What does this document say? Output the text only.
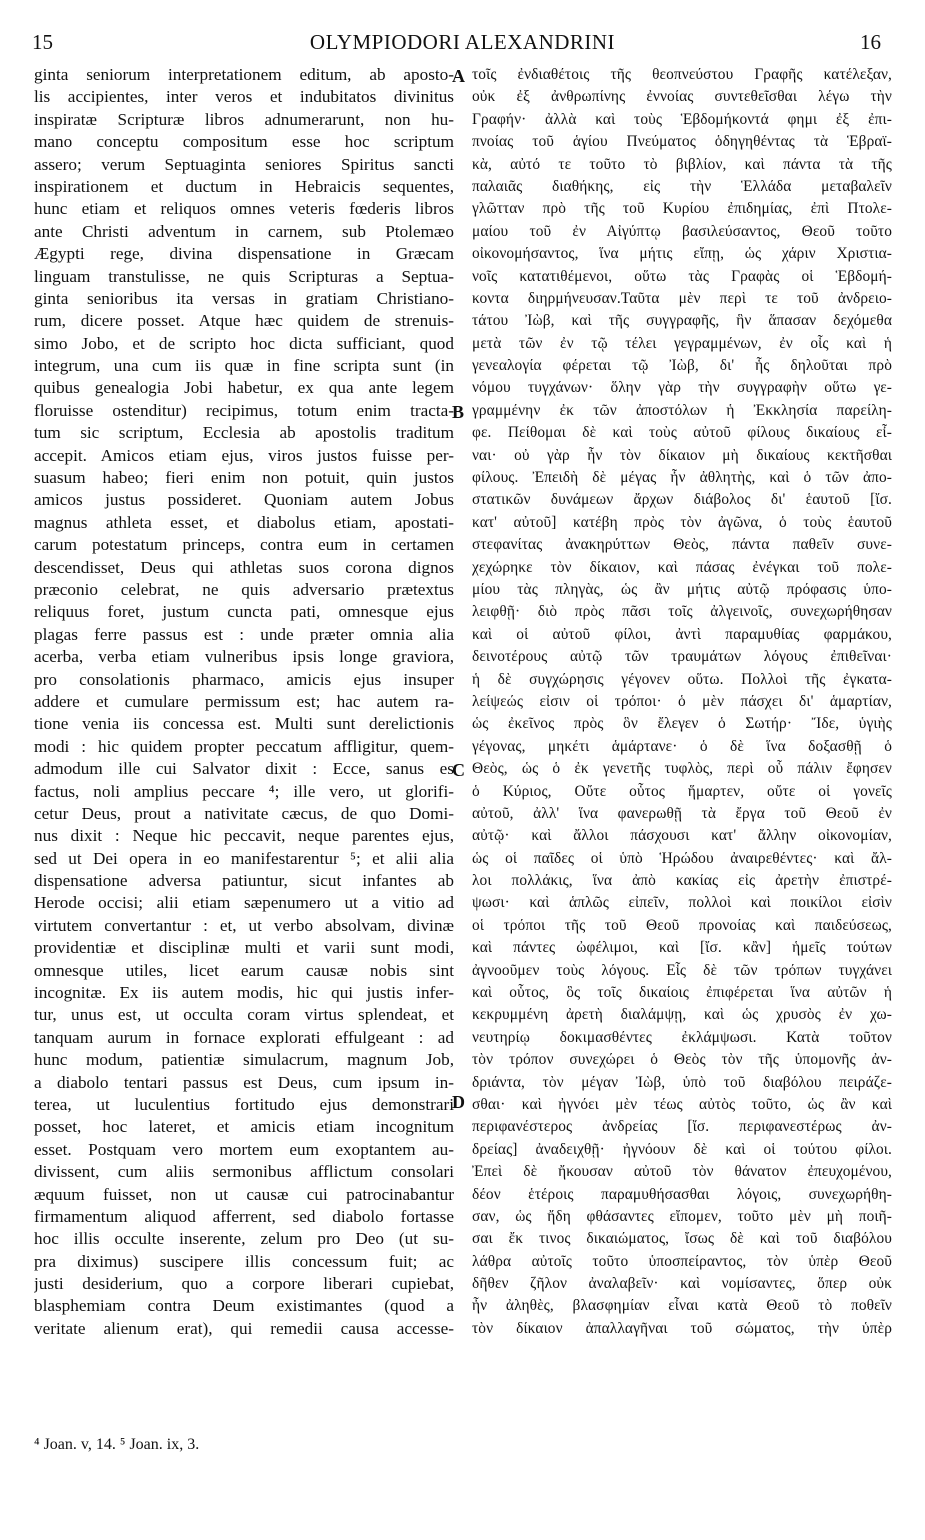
15	OLYMPIODORI ALEXANDRINI	16
ginta seniorum interpretationem editum, ab aposto-
lis accipientes, inter veros et indubitatos divinitus
inspiratæ Scripturæ libros adnumerarunt, non hu-
mano conceptu compositum esse hoc scriptum
assero; verum Septuaginta seniores Spiritus sancti
inspirationem et ductum in Hebraicis sequentes,
hunc etiam et reliquos omnes veteris fœderis libros
ante Christi adventum in carnem, sub Ptolemæo
Ægypti rege, divina dispensatione in Græcam
linguam transtulisse, ne quis Scripturas a Septua-
ginta senioribus ita versas in gratiam Christiano-
rum, dicere posset. Atque hæc quidem de strenuis-
simo Jobo, et de scripto hoc dicta sufficiant, quod
integrum, una cum iis quæ in fine scripta sunt (in
quibus genealogia Jobi habetur, ex qua ante legem
floruisse ostenditur) recipimus, totum enim tracta-
tum sic scriptum, Ecclesia ab apostolis traditum
accepit. Amicos etiam ejus, viros justos fuisse per-
suasum habeo; fieri enim non potuit, quin justos
amicos justus possideret. Quoniam autem Jobus
magnus athleta esset, et diabolus etiam, apostati-
carum potestatum princeps, contra eum in certamen
descendisset, Deus qui athletas suos corona dignos
præconio celebrat, ne quis adversario prætextus
reliquus foret, justum cuncta pati, omnesque ejus
plagas ferre passus est : unde præter omnia alia
acerba, verba etiam vulneribus ipsis longe graviora,
pro consolationis pharmaco, amicis ejus insuper
addere et cumulare permissum est; hac autem ra-
tione venia iis concessa est. Multi sunt derelictionis
modi : hic quidem propter peccatum affligitur, quem-
admodum ille cui Salvator dixit : Ecce, sanus es
factus, noli amplius peccare ⁴; ille vero, ut glorifi-
cetur Deus, prout a nativitate cæcus, de quo Domi-
nus dixit : Neque hic peccavit, neque parentes ejus,
sed ut Dei opera in eo manifestarentur ⁵; et alii alia
dispensatione adversa patiuntur, sicut infantes ab
Herode occisi; alii etiam sæpenumero ut a vitio ad
virtutem convertantur : et, ut verbo absolvam, divinæ
providentiæ et disciplinæ multi et varii sunt modi,
omnesque utiles, licet earum causæ nobis sint
incognitæ. Ex iis autem modis, hic qui justis infer-
tur, unus est, ut occulta coram virtus splendeat, et
tanquam aurum in fornace explorati effulgeant : ad
hunc modum, patientiæ simulacrum, magnum Job,
a diabolo tentari passus est Deus, cum ipsum in-
terea, ut luculentius fortitudo ejus demonstrari
posset, hoc lateret, et amicis etiam incognitum
esset. Postquam vero mortem eum exoptantem au-
divissent, cum aliis sermonibus afflictum consolari
æquum fuisset, non ut causæ cui patrocinabantur
firmamentum aliquod afferrent, sed diabolo fortasse
hoc illis occulte inserente, zelum pro Deo (ut su-
pra diximus) suscipere illis concessum fuit; ac
justi desiderium, quo a corpore liberari cupiebat,
blasphemiam contra Deum existimantes (quod a
veritate alienum erat), qui remedii causa accesse-
τοῖς ἐνδιαθέτοις τῆς θεοπνεύστου Γραφῆς κατέλεξαν,
οὐκ ἐξ ἀνθρωπίνης ἐννοίας συντεθεῖσθαι λέγω τὴν
Γραφήν· ἀλλὰ καὶ τοὺς Ἑβδομήκοντά φημι ἐξ ἐπι-
πνοίας τοῦ ἁγίου Πνεύματος ὁδηγηθέντας τὰ Ἑβραϊ-
κὰ, αὐτό τε τοῦτο τὸ βιβλίον, καὶ πάντα τὰ τῆς
παλαιᾶς διαθήκης, εἰς τὴν Ἑλλάδα μεταβαλεῖν
γλῶτταν πρὸ τῆς τοῦ Κυρίου ἐπιδημίας, ἐπὶ Πτολε-
μαίου τοῦ ἐν Αἰγύπτῳ βασιλεύσαντος, Θεοῦ τοῦτο
οἰκονομήσαντος, ἵνα μήτις εἴπῃ, ὡς χάριν Χριστια-
νοῖς κατατιθέμενοι, οὕτω τὰς Γραφὰς οἱ Ἑβδομή-
κοντα διηρμήνευσαν.Ταῦτα μὲν περὶ τε τοῦ ἀνδρειο-
τάτου Ἰὼβ, καὶ τῆς συγγραφῆς, ἣν ἅπασαν δεχόμεθα
μετὰ τῶν ἐν τῷ τέλει γεγραμμένων, ἐν οἷς καὶ ἡ
γενεαλογία φέρεται τῷ Ἰὼβ, δι' ἧς δηλοῦται πρὸ
νόμου τυγχάνων· ὅλην γὰρ τὴν συγγραφὴν οὕτω γε-
γραμμένην ἐκ τῶν ἀποστόλων ἡ Ἐκκλησία παρείλη-
φε. Πείθομαι δὲ καὶ τοὺς αὐτοῦ φίλους δικαίους εἶ-
ναι· οὐ γὰρ ἦν τὸν δίκαιον μὴ δικαίους κεκτῆσθαι
φίλους. Ἐπειδὴ δὲ μέγας ἦν ἀθλητὴς, καὶ ὁ τῶν ἀπο-
στατικῶν δυνάμεων ἄρχων διάβολος δι' ἑαυτοῦ [ἴσ.
κατ' αὐτοῦ] κατέβη πρὸς τὸν ἀγῶνα, ὁ τοὺς ἑαυτοῦ
στεφανίτας ἀνακηρύττων Θεὸς, πάντα παθεῖν συνε-
χεχώρηκε τὸν δίκαιον, καὶ πάσας ἐνέγκαι τοῦ πολε-
μίου τὰς πληγὰς, ὡς ἂν μήτις αὐτῷ πρόφασις ὑπο-
λειφθῇ· διὸ πρὸς πᾶσι τοῖς ἀλγεινοῖς, συνεχωρήθησαν
καὶ οἱ αὐτοῦ φίλοι, ἀντὶ παραμυθίας φαρμάκου,
δεινοτέρους αὐτῷ τῶν τραυμάτων λόγους ἐπιθεῖναι·
ἡ δὲ συγχώρησις γέγονεν οὕτω. Πολλοὶ τῆς ἐγκατα-
λείψεώς εἰσιν οἱ τρόποι· ὁ μὲν πάσχει δι' ἁμαρτίαν,
ὡς ἐκεῖνος πρὸς ὃν ἔλεγεν ὁ Σωτήρ· Ἴδε, ὑγιὴς
γέγονας, μηκέτι ἁμάρτανε· ὁ δὲ ἵνα δοξασθῇ ὁ
Θεὸς, ὡς ὁ ἐκ γενετῆς τυφλὸς, περὶ οὗ πάλιν ἔφησεν
ὁ Κύριος, Οὔτε οὗτος ἥμαρτεν, οὔτε οἱ γονεῖς
αὐτοῦ, ἀλλ' ἵνα φανερωθῇ τὰ ἔργα τοῦ Θεοῦ ἐν
αὐτῷ· καὶ ἄλλοι πάσχουσι κατ' ἄλλην οἰκονομίαν,
ὡς οἱ παῖδες οἱ ὑπὸ Ἡρώδου ἀναιρεθέντες· καὶ ἄλ-
λοι πολλάκις, ἵνα ἀπὸ κακίας εἰς ἀρετὴν ἐπιστρέ-
ψωσι· καὶ ἁπλῶς εἰπεῖν, πολλοὶ καὶ ποικίλοι εἰσὶν
οἱ τρόποι τῆς τοῦ Θεοῦ προνοίας καὶ παιδεύσεως,
καὶ πάντες ὠφέλιμοι, καὶ [ἴσ. κἂν] ἡμεῖς τούτων
ἀγνοοῦμεν τοὺς λόγους. Εἷς δὲ τῶν τρόπων τυγχάνει
καὶ οὗτος, ὃς τοῖς δικαίοις ἐπιφέρεται ἵνα αὐτῶν ἡ
κεκρυμμένη ἀρετὴ διαλάμψῃ, καὶ ὡς χρυσὸς ἐν χω-
νευτηρίῳ δοκιμασθέντες ἐκλάμψωσι. Κατὰ τοῦτον
τὸν τρόπον συνεχώρει ὁ Θεὸς τὸν τῆς ὑπομονῆς ἀν-
δριάντα, τὸν μέγαν Ἰὼβ, ὑπὸ τοῦ διαβόλου πειράζε-
σθαι· καὶ ἠγνόει μὲν τέως αὐτὸς τοῦτο, ὡς ἂν καὶ
περιφανέστερος ἀνδρείας [ἴσ. περιφανεστέρως ἀν-
δρείας] ἀναδειχθῇ· ἠγνόουν δὲ καὶ οἱ τούτου φίλοι.
Ἐπεὶ δὲ ἤκουσαν αὐτοῦ τὸν θάνατον ἐπευχομένου,
δέον ἑτέροις παραμυθήσασθαι λόγοις, συνεχωρήθη-
σαν, ὡς ἤδη φθάσαντες εἴπομεν, τοῦτο μὲν μὴ ποιῆ-
σαι ἔκ τινος δικαιώματος, ἴσως δὲ καὶ τοῦ διαβόλου
λάθρα αὐτοῖς τοῦτο ὑποσπείραντος, τὸν ὑπὲρ Θεοῦ
δῆθεν ζῆλον ἀναλαβεῖν· καὶ νομίσαντες, ὅπερ οὐκ
ἦν ἀληθὲς, βλασφημίαν εἶναι κατὰ Θεοῦ τὸ ποθεῖν
τὸν δίκαιον ἀπαλλαγῆναι τοῦ σώματος, τὴν ὑπὲρ
A
B
C
D
⁴ Joan. v, 14. ⁵ Joan. ix, 3.
